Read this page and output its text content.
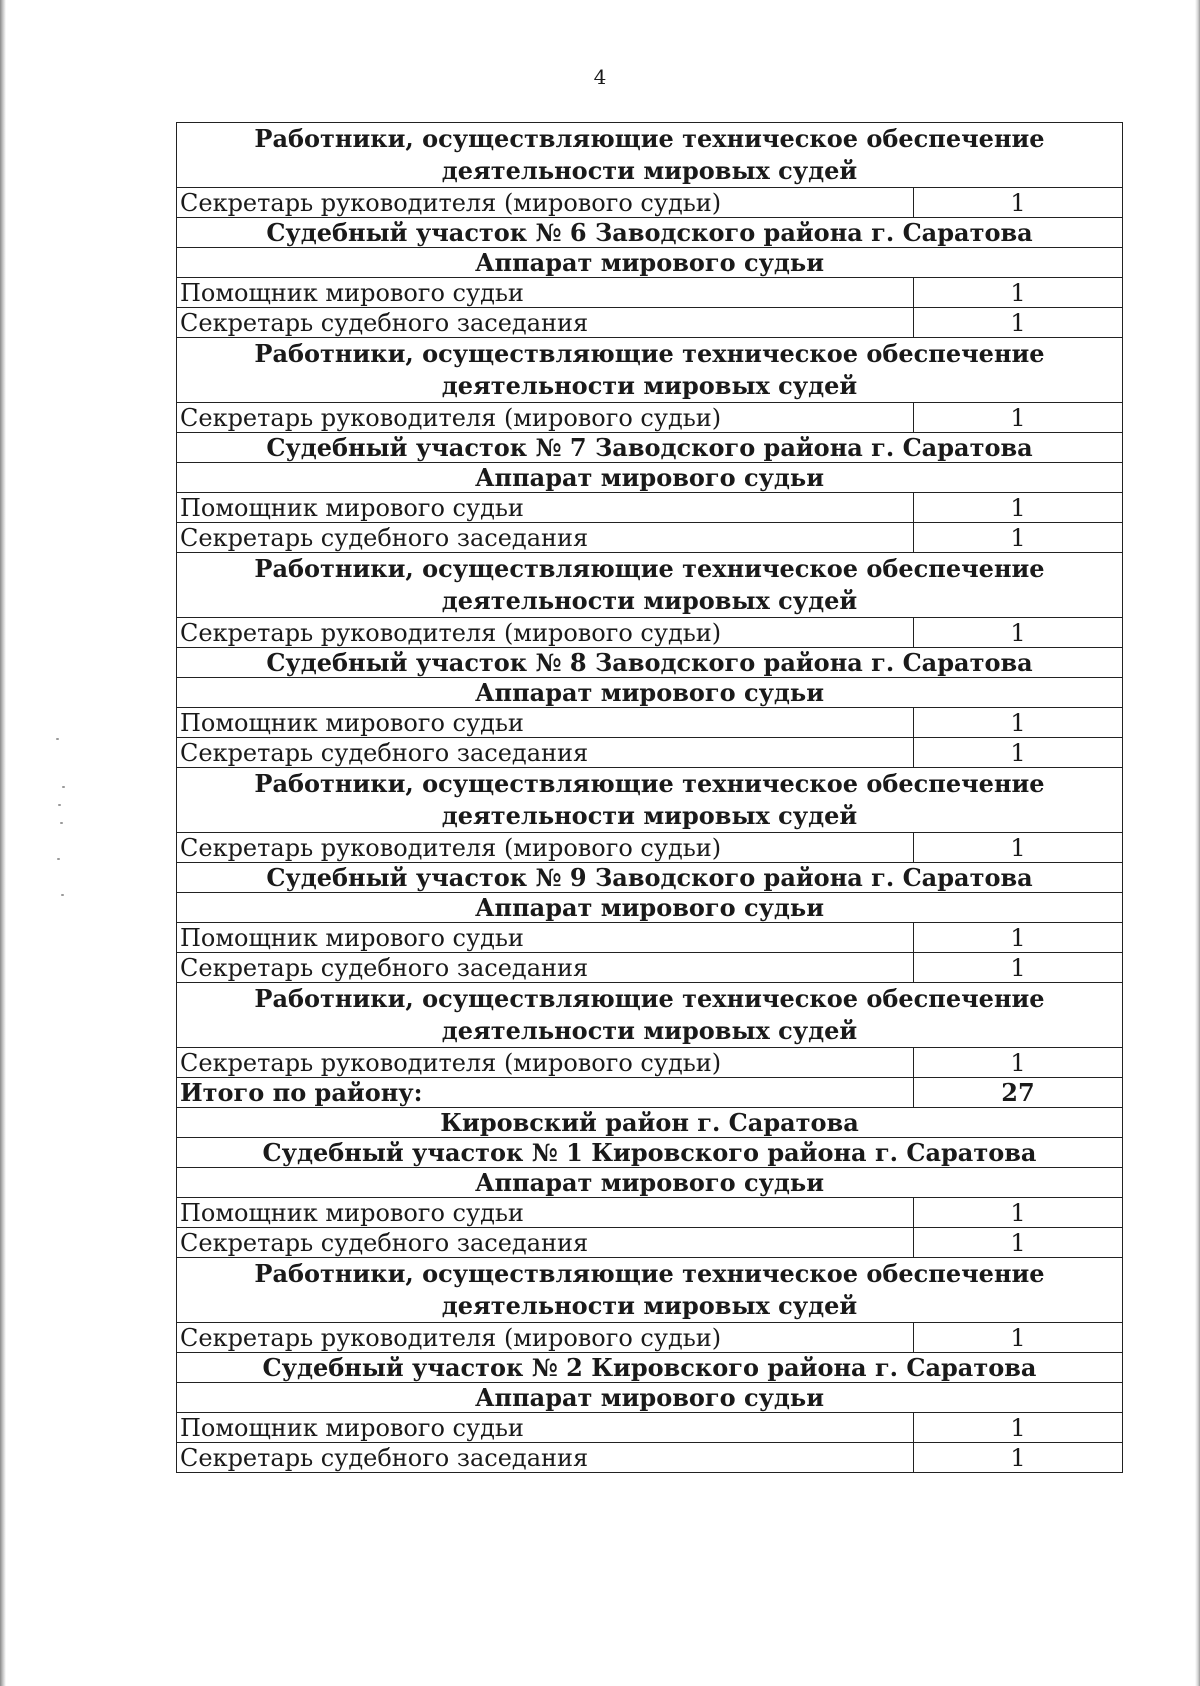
4
Работники, осуществляющие техническое обеспечение деятельности мировых судей	
Секретарь руководителя (мирового судьи)	1
Судебный участок № 6 Заводского района г. Саратова	
Аппарат мирового судьи	
Помощник мирового судьи	1
Секретарь судебного заседания	1
Работники, осуществляющие техническое обеспечение деятельности мировых судей	
Секретарь руководителя (мирового судьи)	1
Судебный участок № 7 Заводского района г. Саратова	
Аппарат мирового судьи	
Помощник мирового судьи	1
Секретарь судебного заседания	1
Работники, осуществляющие техническое обеспечение деятельности мировых судей	
Секретарь руководителя (мирового судьи)	1
Судебный участок № 8 Заводского района г. Саратова	
Аппарат мирового судьи	
Помощник мирового судьи	1
Секретарь судебного заседания	1
Работники, осуществляющие техническое обеспечение деятельности мировых судей	
Секретарь руководителя (мирового судьи)	1
Судебный участок № 9 Заводского района г. Саратова	
Аппарат мирового судьи	
Помощник мирового судьи	1
Секретарь судебного заседания	1
Работники, осуществляющие техническое обеспечение деятельности мировых судей	
Секретарь руководителя (мирового судьи)	1
Итого по району:	27
Кировский район г. Саратова	
Судебный участок № 1 Кировского района г. Саратова	
Аппарат мирового судьи	
Помощник мирового судьи	1
Секретарь судебного заседания	1
Работники, осуществляющие техническое обеспечение деятельности мировых судей	
Секретарь руководителя (мирового судьи)	1
Судебный участок № 2 Кировского района г. Саратова	
Аппарат мирового судьи	
Помощник мирового судьи	1
Секретарь судебного заседания	1
